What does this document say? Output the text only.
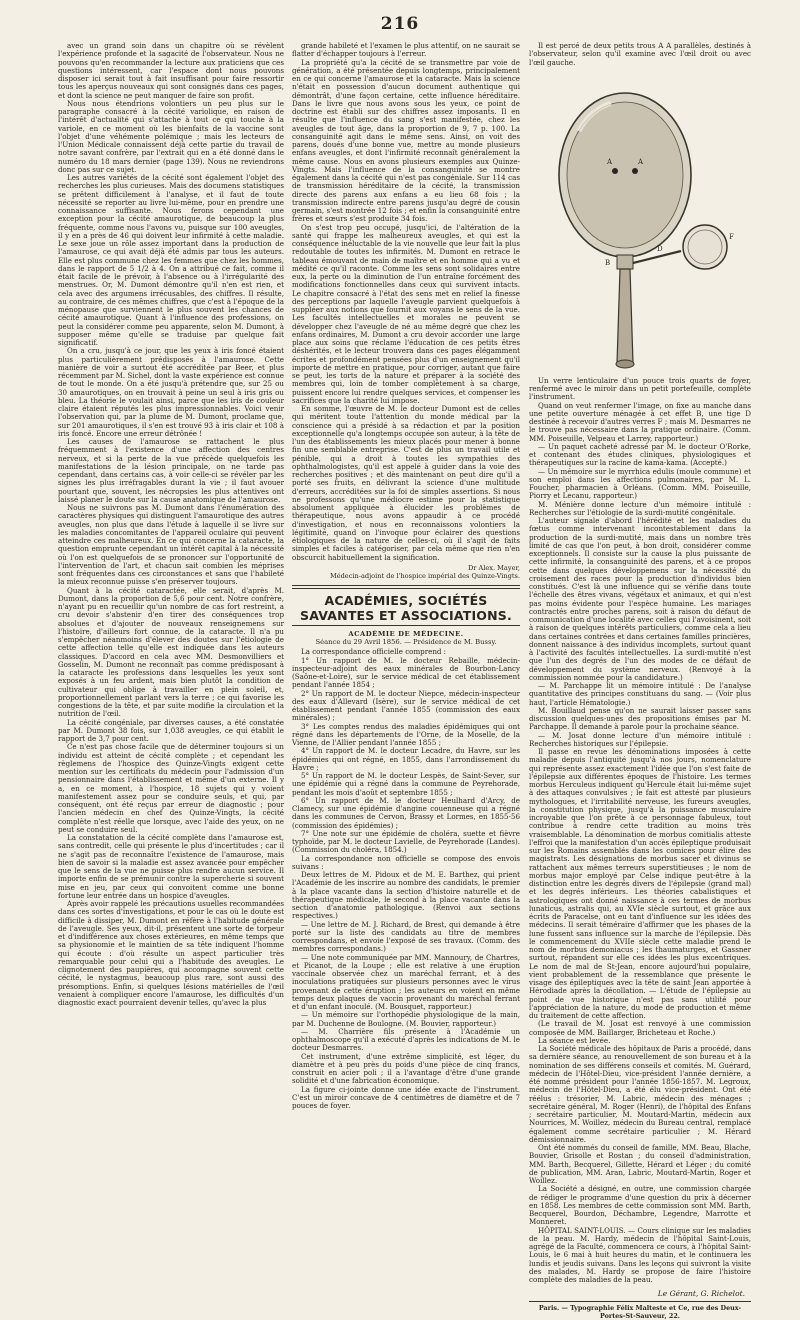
216

avec un grand soin dans un chapitre où se révèlent l'expérience profonde et la sagacité de l'observateur. Nous ne pouvons qu'en recommander la lecture aux praticiens que ces questions intéressent, car l'espace dont nous pouvons disposer ici serait tout à fait insuffisant pour faire ressortir tous les aperçus nouveaux qui sont consignés dans ces pages, et dont la science ne peut manquer de faire son profit.

Nous nous étendrions volontiers un peu plus sur le paragraphe consacré à la cécité variolique, en raison de l'intérêt d'actualité qui s'attache à tout ce qui touche à la variole, en ce moment où les bienfaits de la vaccine sont l'objet d'une véhémente polémique ; mais les lecteurs de l'Union Médicale connaissent déjà cette partie du travail de notre savant confrère, par l'extrait qui en a été donné dans le numéro du 18 mars dernier (page 139). Nous ne reviendrons donc pas sur ce sujet.

Les autres variétés de la cécité sont également l'objet des recherches les plus curieuses. Mais des documens statistiques se prêtent difficilement à l'analyse, et il faut de toute nécessité se reporter au livre lui-même, pour en prendre une connaissance suffisante. Nous ferons cependant une exception pour la cécité amaurotique, de beaucoup la plus fréquente, comme nous l'avons vu, puisque sur 100 aveugles, il y en a près de 46 qui doivent leur infirmité à cette maladie. Le sexe joue un rôle assez important dans la production de l'amaurose, ce qui avait déjà été admis par tous les auteurs. Elle est plus commune chez les femmes que chez les hommes, dans le rapport de 5 1/2 à 4. On a attribué ce fait, comme il était facile de le prévoir, à l'absence ou à l'irrégularité des menstrues. Or, M. Dumont démontre qu'il n'en est rien, et cela avec des argumens irrécusables, des chiffres. Il résulte, au contraire, de ces mêmes chiffres, que c'est à l'époque de la ménopause que surviennent le plus souvent les chances de cécité amaurotique. Quant à l'influence des professions, on peut la considérer comme peu apparente, selon M. Dumont, à supposer même qu'elle se traduise par quelque fait significatif.

On a cru, jusqu'à ce jour, que les yeux à iris foncé étaient plus particulièrement prédisposés à l'amaurose. Cette manière de voir a surtout été accréditée par Beer, et plus récemment par M. Sichel, dont la vaste expérience est connue de tout le monde. On a été jusqu'à prétendre que, sur 25 ou 30 amaurotiques, on en trouvait à peine un seul à iris gris ou bleu. La théorie le voulait ainsi, parce que les iris de couleur claire étaient réputés les plus impressionnables. Voici venir l'observation qui, par la plume de M. Dumont, proclame que, sur 201 amaurotiques, il s'en est trouvé 93 à iris clair et 108 à iris foncé. Encore une erreur détrônée !

Les causes de l'amaurose se rattachent le plus fréquemment à l'existence d'une affection des centres nerveux, et si la perte de la vue précède quelquefois les manifestations de la lésion principale, on ne tarde pas cependant, dans certains cas, à voir celle-ci se révéler par les signes les plus irréfragables durant la vie ; il faut avouer pourtant que, souvent, les nécropsies les plus attentives ont laissé planer le doute sur la cause anatomique de l'amaurose.

Nous ne suivrons pas M. Dumont dans l'énumération des caractères physiques qui distinguent l'amaurotique des autres aveugles, non plus que dans l'étude à laquelle il se livre sur les maladies concomitantes de l'appareil oculaire qui peuvent atteindre ces malheureux. En ce qui concerne la cataracte, la question emprunte cependant un intérêt capital à la nécessité où l'on est quelquefois de se prononcer sur l'opportunité de l'intervention de l'art, et chacun sait combien les méprises sont fréquentes dans ces circonstances et sans que l'habileté la mieux reconnue puisse s'en préserver toujours.

Quant à la cécité cataractée, elle serait, d'après M. Dumont, dans la proportion de 5,6 pour cent. Notre confrère, n'ayant pu en recueillir qu'un nombre de cas fort restreint, a cru devoir s'abstenir d'en tirer des conséquences trop absolues et d'ajouter de nouveaux renseignemens sur l'histoire, d'ailleurs fort connue, de la cataracte. Il n'a pu s'empêcher néanmoins d'élever des doutes sur l'étiologie de cette affection telle qu'elle est indiquée dans les auteurs classiques. D'accord en cela avec MM. Desmonvilliers et Gosselin, M. Dumont ne reconnaît pas comme prédisposant à la cataracte les professions dans lesquelles les yeux sont exposés à un feu ardent, mais bien plutôt la condition de cultivateur qui oblige à travailler en plein soleil, et, proportionnellement parlant vers la terre ; ce qui favorise les congestions de la tête, et par suite modifie la circulation et la nutrition de l'œil.

La cécité congéniale, par diverses causes, a été constatée par M. Dumont 38 fois, sur 1,038 aveugles, ce qui établit le rapport de 3,7 pour cent.

Ce n'est pas chose facile que de déterminer toujours si un individu est atteint de cécité complète ; et cependant les règlemens de l'hospice des Quinze-Vingts exigent cette mention sur les certificats du médecin pour l'admission d'un pensionnaire dans l'établissement et même d'un externe. Il y a, en ce moment, à l'hospice, 18 sujets qui y voient manifestement assez pour se conduire seuls, et qui, par conséquent, ont été reçus par erreur de diagnostic ; pour l'ancien médecin en chef des Quinze-Vingts, la cécité complète n'est réelle que lorsque, avec l'aide des yeux, on ne peut se conduire seul.

La constatation de la cécité complète dans l'amaurose est, sans contredit, celle qui présente le plus d'incertitudes ; car il ne s'agit pas de reconnaître l'existence de l'amaurose, mais bien de savoir si la maladie est assez avancée pour empêcher que le sens de la vue ne puisse plus rendre aucun service. Il importe enfin de se prémunir contre la supercherie si souvent mise en jeu, par ceux qui convoitent comme une bonne fortune leur entrée dans un hospice d'aveugles.

Après avoir rappelé les précautions usuelles recommandées dans ces sortes d'investigations, et pour le cas où le doute est difficile à dissiper, M. Dumont en réfère à l'habitude générale de l'aveugle. Ses yeux, dit-il, présentent une sorte de torpeur et d'indifférence aux choses extérieures, en même temps que sa physionomie et le maintien de sa tête indiquent l'homme qui écoute : d'où résulte un aspect particulier très remarquable pour celui qui a l'habitude des aveugles. Le clignotement des paupières, qui accompagne souvent cette cécité, le nystagmus, beaucoup plus rare, sont aussi des présomptions. Enfin, si quelques lésions matérielles de l'œil venaient à compliquer encore l'amaurose, les difficultés d'un diagnostic exact pourraient devenir telles, qu'avec la plus

grande habileté et l'examen le plus attentif, on ne saurait se flatter d'échapper toujours à l'erreur.

La propriété qu'a la cécité de se transmettre par voie de génération, a été présentée depuis longtemps, principalement en ce qui concerne l'amaurose et la cataracte. Mais la science n'était en possession d'aucun document authentique qui démontrât, d'une façon certaine, cette influence héréditaire. Dans le livre que nous avons sous les yeux, ce point de doctrine est établi sur des chiffres assez imposants. Il en résulte que l'influence du sang s'est manifestée, chez les aveugles de tout âge, dans la proportion de 9, 7 p. 100. La consanguinité agit dans le même sens. Ainsi, on voit des parens, doués d'une bonne vue, mettre au monde plusieurs enfans aveugles, et dont l'infirmité reconnaît généralement la même cause. Nous en avons plusieurs exemples aux Quinze-Vingts. Mais l'influence de la consanguinité se montre également dans la cécité qui n'est pas congéniale. Sur 114 cas de transmission héréditaire de la cécité, la transmission directe des parens aux enfans a eu lieu 68 fois ; la transmission indirecte entre parens jusqu'au degré de cousin germain, s'est montrée 12 fois ; et enfin la consanguinité entre frères et sœurs s'est produite 34 fois.

On s'est trop peu occupé, jusqu'ici, de l'altération de la santé qui frappe les malheureux aveugles, et qui est la conséquence inéluctable de la vie nouvelle que leur fait la plus redoutable de toutes les infirmités. M. Dumont en retrace le tableau émouvant de main de maître et en homme qui a vu et médité ce qu'il raconte. Comme les sens sont solidaires entre eux, la perte ou la diminution de l'un entraîne forcément des modifications fonctionnelles dans ceux qui survivent intacts. Le chapitre consacré à l'état des sens met en relief la finesse des perceptions par laquelle l'aveugle parvient quelquefois à suppléer aux notions que fournit aux voyans le sens de la vue. Les facultés intellectuelles et morales ne peuvent se développer chez l'aveugle de né au même degré que chez les enfans ordinaires, M. Dumont a cru devoir accorder une large place aux soins que réclame l'éducation de ces petits êtres déshérités, et le lecteur trouvera dans ces pages élégamment écrites et profondément pensées plus d'un enseignement qu'il importe de mettre en pratique, pour corriger, autant que faire se peut, les torts de la nature et préparer à la société des membres qui, loin de tomber complètement à sa charge, puissent encore lui rendre quelques services, et compenser les sacrifices que la charité lui impose.

En somme, l'œuvre de M. le docteur Dumont est de celles qui méritent toute l'attention du monde médical par la conscience qui a présidé à sa rédaction et par la position exceptionnelle qu'a longtemps occupée son auteur, à la tête de l'un des établissements les mieux placés pour mener à bonne fin une semblable entreprise. C'est de plus un travail utile et pénible, qui a droit à toutes les sympathies des ophthalmologistes, qu'il est appelé à guider dans la voie des recherches positives ; et dès maintenant on peut dire qu'il a porté ses fruits, en délivrant la science d'une multitude d'erreurs, accréditées sur la foi de simples assertions. Si nous ne professons qu'une médiocre estime pour la statistique absolument appliquée à élucider les problèmes de thérapeutique, nous avons appaudir à ce procédé d'investigation, et nous en reconnaissons volontiers la légitimité, quand on l'invoque pour éclairer des questions étiologiques de la nature de celles-ci, où il s'agit de faits simples et faciles à catégoriser, par cela même que rien n'en obscurcit habituellement la signification.

Dr Alex. Mayer,

Médecin-adjoint de l'hospice impérial des Quinze-Vingts.

ACADÉMIES, SOCIÉTÉS SAVANTES ET ASSOCIATIONS.
ACADÉMIE DE MÉDECINE.
Séance du 29 Avril 1856. — Présidence de M. Bussy.

La correspondance officielle comprend :

1° Un rapport de M. le docteur Rebaille, médecin-inspecteur-adjoint des eaux minérales de Bourbon-Lancy (Saône-et-Loire), sur le service médical de cet établissement pendant l'année 1854 ;

2° Un rapport de M. le docteur Niepce, médecin-inspecteur des eaux d'Allevard (Isère), sur le service médical de cet établissement pendant l'année 1855 (commission des eaux minérales) ;

3° Les comptes rendus des maladies épidémiques qui ont régné dans les départements de l'Orne, de la Moselle, de la Vienne, de l'Allier pendant l'année 1855 ;

4° Un rapport de M. le docteur Lecadre, du Havre, sur les épidémies qui ont régné, en 1855, dans l'arrondissement du Havre ;

5° Un rapport de M. le docteur Lespès, de Saint-Sever, sur une épidémie qui a régné dans la commune de Peyrehorade, pendant les mois d'août et septembre 1855 ;

6° Un rapport de M. le docteur Heulhard d'Arcy, de Clamecy, sur une épidémie d'angine couenneuse qui a régné dans les communes de Cervon, Brassy et Lormes, en 1855-56 (commission des épidémies) ;

7° Une note sur une épidémie de choléra, suette et fièvre typhoïde, par M. le docteur Lavielle, de Peyrehorade (Landes). (Commission du choléra, 1854.)

La correspondance non officielle se compose des envois suivans :

Deux lettres de M. Pidoux et de M. E. Barthez, qui prient l'Académie de les inscrire au nombre des candidats, le premier à la place vacante dans la section d'histoire naturelle et de thérapeutique médicale, le second à la place vacante dans la section d'anatomie pathologique. (Renvoi aux sections respectives.)

— Une lettre de M. J. Richard, de Brest, qui demande à être porté sur la liste des candidats au titre de membres correspondans, et envoie l'exposé de ses travaux. (Comm. des membres correspondans.)

— Une note communiquée par MM. Mannoury, de Chartres, et Picanot, de la Loupe ; elle est relative à une éruption vaccinale observée chez un maréchal ferrant, et à des inoculations pratiquées sur plusieurs personnes avec le virus provenant de cette éruption ; les auteurs en voient en même temps deux plaques de vaccin provenant du maréchal ferrant et d'un enfant inoculé. (M. Bousquet, rapporteur.)

— Un mémoire sur l'orthopédie physiologique de la main, par M. Duchenne de Boulogne. (M. Bouvier, rapporteur.)

— M. Charrière fils présente à l'Académie un ophthalmoscope qu'il a exécuté d'après les indications de M. le docteur Desmarres.

Cet instrument, d'une extrême simplicité, est léger, du diamètre et à peu près du poids d'une pièce de cinq francs, construit en acier poli ; il a l'avantage d'être d'une grande solidité et d'une fabrication économique.

La figure ci-jointe donne une idée exacte de l'instrument. C'est un miroir concave de 4 centimètres de diamètre et de 7 pouces de foyer.

Il est percé de deux petits trous A A parallèles, destinés à l'observateur, selon qu'il examine avec l'œil droit ou avec l'œil gauche.

A	A
B
D
F

Un verre lenticulaire d'un pouce trois quarts de foyer, renfermé avec le miroir dans un petit portefeuille, complète l'instrument.

Quand on veut renfermer l'image, on fixe au manche dans une petite ouverture ménagée à cet effet B, une tige D destinée à recevoir d'autres verres F ; mais M. Desmarres ne le trouve pas nécessaire dans la pratique ordinaire. (Comm. MM. Poiseuille, Velpeau et Larrey, rapporteur.)

— Un paquet cacheté adressé par M. le docteur O'Rorke, et contenant des études cliniques, physiologiques et thérapeutiques sur la racine de kama-kama. (Accepté.)

— Un mémoire sur le myrrhica edulis (moule commune) et son emploi dans les affections pulmonaires, par M. L. Foucher, pharmacien à Orléans. (Comm. MM. Poiseuille, Piorry et Lecanu, rapporteur.)

M. Ménière donne lecture d'un mémoire intitulé : Recherches sur l'étiologie de la surdi-mutité congénitale.

L'auteur signale d'abord l'hérédité et les maladies du fœtus comme intervenant incontestablement dans la production de la surdi-mutité, mais dans un nombre très limité de cas que l'on peut, à bon droit, considérer comme exceptionnels. Il consiste sur la cause la plus puissante de cette infirmité, la consanguinité des parens, et à ce propos cette dans quelques développemens sur la nécessité du croisement des races pour la production d'individus bien constitués. C'est là une influence qui se vérifie dans toute l'échelle des êtres vivans, végétaux et animaux, et qui n'est pas moins évidente pour l'espèce humaine. Les mariages contractés entre proches parens, soit à raison du défaut de communication d'une localité avec celles qui l'avoisinent, soit à raison de quelques intérêts particuliers, comme cela a lieu dans certaines contrées et dans certaines familles princières, donnent naissance à des individus incomplets, surtout quant à l'activité des facultés intellectuelles. La surdi-mutité n'est que l'un des degrés de l'un des modes de ce défaut de développement du système nerveux. (Renvoyé à la commission nommée pour la candidature.)

— M. Parchappe lit un mémoire intitulé : De l'analyse quantitative des principes constituans du sang. — (Voir plus haut, l'article Hématologie.)

M. Bouillaud pense qu'on ne saurait laisser passer sans discussion quelques-unes des propositions émises par M. Parchappe. Il demande à parole pour la prochaine séance.

— M. Josat donne lecture d'un mémoire intitulé : Recherches historiques sur l'épilepsie.

Il passe en revue les dénominations imposées à cette maladie depuis l'antiquité jusqu'à nos jours, nomenclature qui représente assez exactement l'idée que l'on s'est faite de l'épilepsie aux différentes époques de l'histoire. Les termes morbus Herculeus indiquent qu'Hercule était lui-même sujet à des attaques convulsives ; le fait est attesté par plusieurs mythologues, et l'irritabilité nerveuse, les fureurs aveugles, la constitution physique, jusqu'à la puissance musculaire incroyable que l'on prête à ce personnage fabuleux, tout contribue à rendre cette tradition au moins très vraisemblable. La dénomination de morbus comitialis atteste l'effroi que la manifestation d'un accès épileptique produisait sur les Romains assemblés dans les comices pour élire des magistrats. Les désignations de morbus sacer et divinus se rattachent aux mêmes terreurs superstitieuses ; le nom de morbus major employé par Celse indique peut-être à la distinction entre les degrés divers de l'épilepsie (grand mal) et les degrés inférieurs. Les théories cabalistiques et astrologiques ont donné naissance à ces termes de morbus lunaticus, astralis qui, au XVIe siècle surtout, et grâce aux écrits de Paracelse, ont eu tant d'influence sur les idées des médecins. Il serait téméraire d'affirmer que les phases de la lune fussent sans influence sur la marche de l'épilepsie. Dès le commencement du XVIIe siècle cette maladie prend le nom de morbus demoniacus ; les thaumaturges, et Gassner surtout, répandent sur elle ces idées les plus excentriques. Le nom de mal de St-Jean, encore aujourd'hui populaire, vient probablement de la ressemblance que présente le visage des épileptiques avec la tête de saint Jean apportée à Hérodiade après la décollation. — L'étude de l'épilepsie au point de vue historique n'est pas sans utilité pour l'appréciation de la nature, du mode de production et même du traitement de cette affection.

(Le travail de M. Josat est renvoyé à une commission composée de MM. Baillarger, Bricheteau et Roche.)

La séance est levée.

La Société médicale des hôpitaux de Paris a procédé, dans sa dernière séance, au renouvellement de son bureau et à la nomination de ses différens conseils et comités. M. Guérard, médecin de l'Hôtel-Dieu, vice-président l'année dernière, a été nommé président pour l'année 1856-1857. M. Legroux, médecin de l'Hôtel-Dieu, a été élu vice-président. Ont été réélus : trésorier, M. Labric, médecin des ménages ; secrétaire général, M. Roger (Henri), de l'hôpital des Enfans ; secrétaire particulier, M. Moutard-Martin, médecin aux Nourrices, M. Woillez, médecin du Bureau central, remplacé également comme secrétaire particulier ; M. Hérard démissionnaire.

Ont été nommés du conseil de famille, MM. Beau, Blache, Bouvier, Grisolle et Rostan ; du conseil d'administration, MM. Barth, Becquerel, Gillette, Hérard et Léger ; du comité de publication, MM. Aran, Labric, Moutard-Martin, Roger et Woillez.

La Société a désigné, en outre, une commission chargée de rédiger le programme d'une question du prix à décerner en 1858. Les membres de cette commission sont MM. Barth, Becquerel, Bourdon, Déchambre, Legendre, Marrotte et Monneret.

HÔPITAL SAINT-LOUIS. — Cours clinique sur les maladies de la peau. M. Hardy, médecin de l'hôpital Saint-Louis, agrégé de la Faculté, commencera ce cours, à l'hôpital Saint-Louis, le 6 mai à huit heures du matin, et le continuera les lundis et jeudis suivans. Dans les leçons qui suivront la visite des malades, M. Hardy se propose de faire l'histoire complète des maladies de la peau.

Le Gérant, G. Richelot.
Paris. — Typographie Félix Malteste et Ce, rue des Deux-Portes-St-Sauveur, 22.
